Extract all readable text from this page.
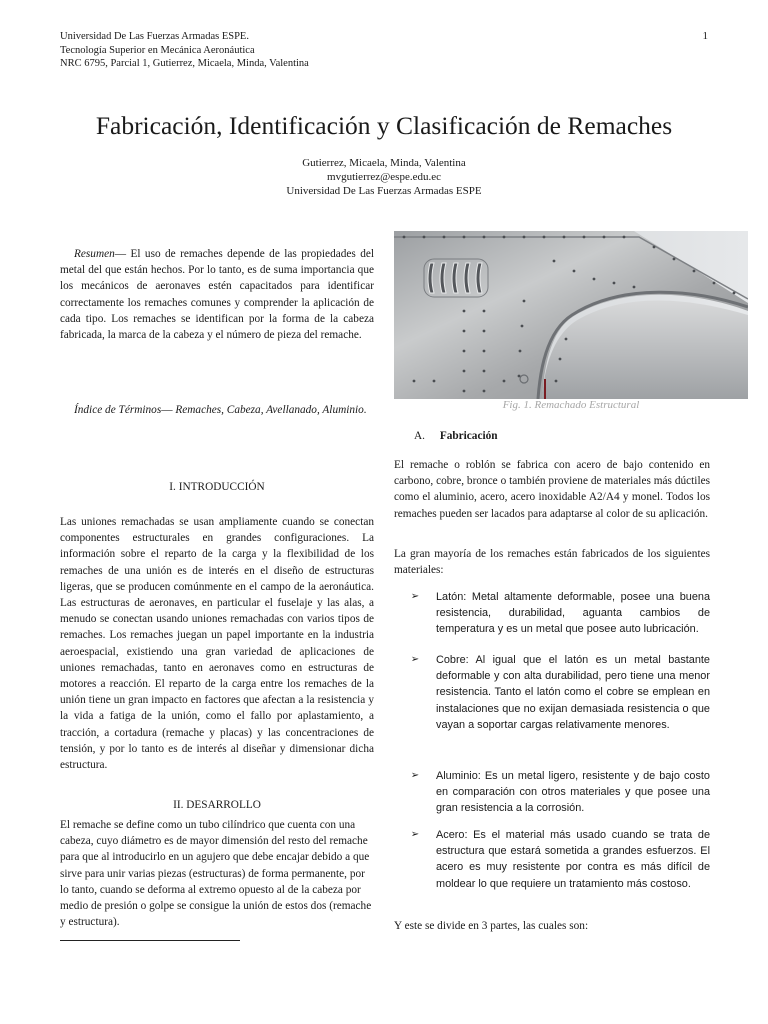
Universidad De Las Fuerzas Armadas ESPE.
Tecnología Superior en Mecánica Aeronáutica
NRC 6795, Parcial 1, Gutierrez, Micaela, Minda, Valentina
1
Fabricación, Identificación y Clasificación de Remaches
Gutierrez, Micaela, Minda, Valentina
mvgutierrez@espe.edu.ec
Universidad De Las Fuerzas Armadas ESPE
Resumen— El uso de remaches depende de las propiedades del metal del que están hechos. Por lo tanto, es de suma importancia que los mecánicos de aeronaves estén capacitados para identificar correctamente los remaches comunes y comprender la aplicación de cada tipo. Los remaches se identifican por la forma de la cabeza fabricada, la marca de la cabeza y el número de pieza del remache.
Índice de Términos— Remaches, Cabeza, Avellanado, Aluminio.
I. INTRODUCCIÓN
Las uniones remachadas se usan ampliamente cuando se conectan componentes estructurales en grandes configuraciones. La información sobre el reparto de la carga y la flexibilidad de los remaches de una unión es de interés en el diseño de estructuras ligeras, que se producen comúnmente en el campo de la aeronáutica. Las estructuras de aeronaves, en particular el fuselaje y las alas, a menudo se conectan usando uniones remachadas con varios tipos de remaches. Los remaches juegan un papel importante en la industria aeroespacial, existiendo una gran variedad de aplicaciones de uniones remachadas, tanto en aeronaves como en estructuras de motores a reacción. El reparto de la carga entre los remaches de la unión tiene un gran impacto en factores que afectan a la resistencia y la vida a fatiga de la unión, como el fallo por aplastamiento, a tracción, a cortadura (remache y placas) y las concentraciones de tensión, y por lo tanto es de interés al diseñar y dimensionar dicha estructura.
II. DESARROLLO
El remache se define como un tubo cilíndrico que cuenta con una cabeza, cuyo diámetro es de mayor dimensión del resto del remache para que al introducirlo en un agujero que debe encajar debido a que sirve para unir varias piezas (estructuras) de forma permanente, por lo tanto, cuando se deforma al extremo opuesto al de la cabeza por medio de presión o golpe se consigue la unión de estos dos (remache y estructura).
Fig. 1. Remachado Estructural
A. Fabricación
El remache o roblón se fabrica con acero de bajo contenido en carbono, cobre, bronce o también proviene de materiales más dúctiles como el aluminio, acero, acero inoxidable A2/A4 y monel. Todos los remaches pueden ser lacados para adaptarse al color de su aplicación.
La gran mayoría de los remaches están fabricados de los siguientes materiales:
➢	Latón: Metal altamente deformable, posee una buena resistencia, durabilidad, aguanta cambios de temperatura y es un metal que posee auto lubricación.
➢	Cobre: Al igual que el latón es un metal bastante deformable y con alta durabilidad, pero tiene una menor resistencia. Tanto el latón como el cobre se emplean en instalaciones que no exijan demasiada resistencia o que vayan a soportar cargas relativamente menores.
➢	Aluminio: Es un metal ligero, resistente y de bajo costo en comparación con otros materiales y que posee una gran resistencia a la corrosión.
➢	Acero: Es el material más usado cuando se trata de estructura que estará sometida a grandes esfuerzos. El acero es muy resistente por contra es más difícil de moldear lo que requiere un tratamiento más costoso.
Y este se divide en 3 partes, las cuales son:
